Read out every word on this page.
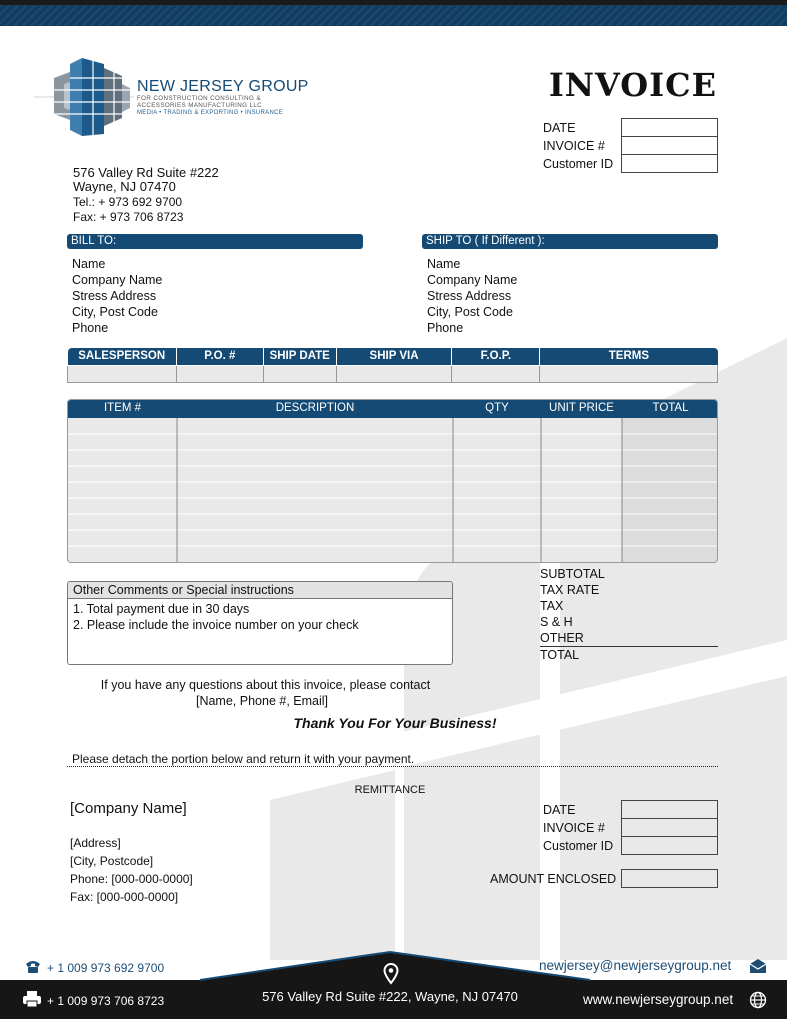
NEW JERSEY GROUP
FOR CONSTRUCTION CONSULTING & ACCESSORIES MANUFACTURING LLC
MEDIA • TRADING & EXPORTING • INSURANCE
INVOICE
DATE
INVOICE #
Customer ID
576 Valley Rd Suite #222
Wayne, NJ 07470
Tel.: + 973 692 9700
Fax: + 973 706 8723
BILL TO:	SHIP TO ( If Different ):
Name
Company Name
Stress Address
City, Post Code
Phone
Name
Company Name
Stress Address
City, Post Code
Phone
SALESPERSON	P.O. #	SHIP DATE	SHIP VIA	F.O.P.	TERMS

ITEM #	DESCRIPTION	QTY	UNIT PRICE	TOTAL
Other Comments or Special instructions

1. Total payment due in 30 days

2. Please include the invoice number on your check

SUBTOTAL
TAX RATE
TAX
S & H
OTHER
TOTAL
If you have any questions about this invoice, please contact
[Name, Phone #, Email]
Thank You For Your Business!
Please detach the portion below and return it with your payment.
REMITTANCE
[Company Name]
[Address]
[City, Postcode]
Phone: [000-000-0000]
Fax: [000-000-0000]
DATE
INVOICE #
Customer ID
AMOUNT ENCLOSED
+ 1 009 973 692 9700
+ 1 009 973 706 8723	576 Valley Rd Suite #222, Wayne, NJ 07470
newjersey@newjerseygroup.net
www.newjerseygroup.net
